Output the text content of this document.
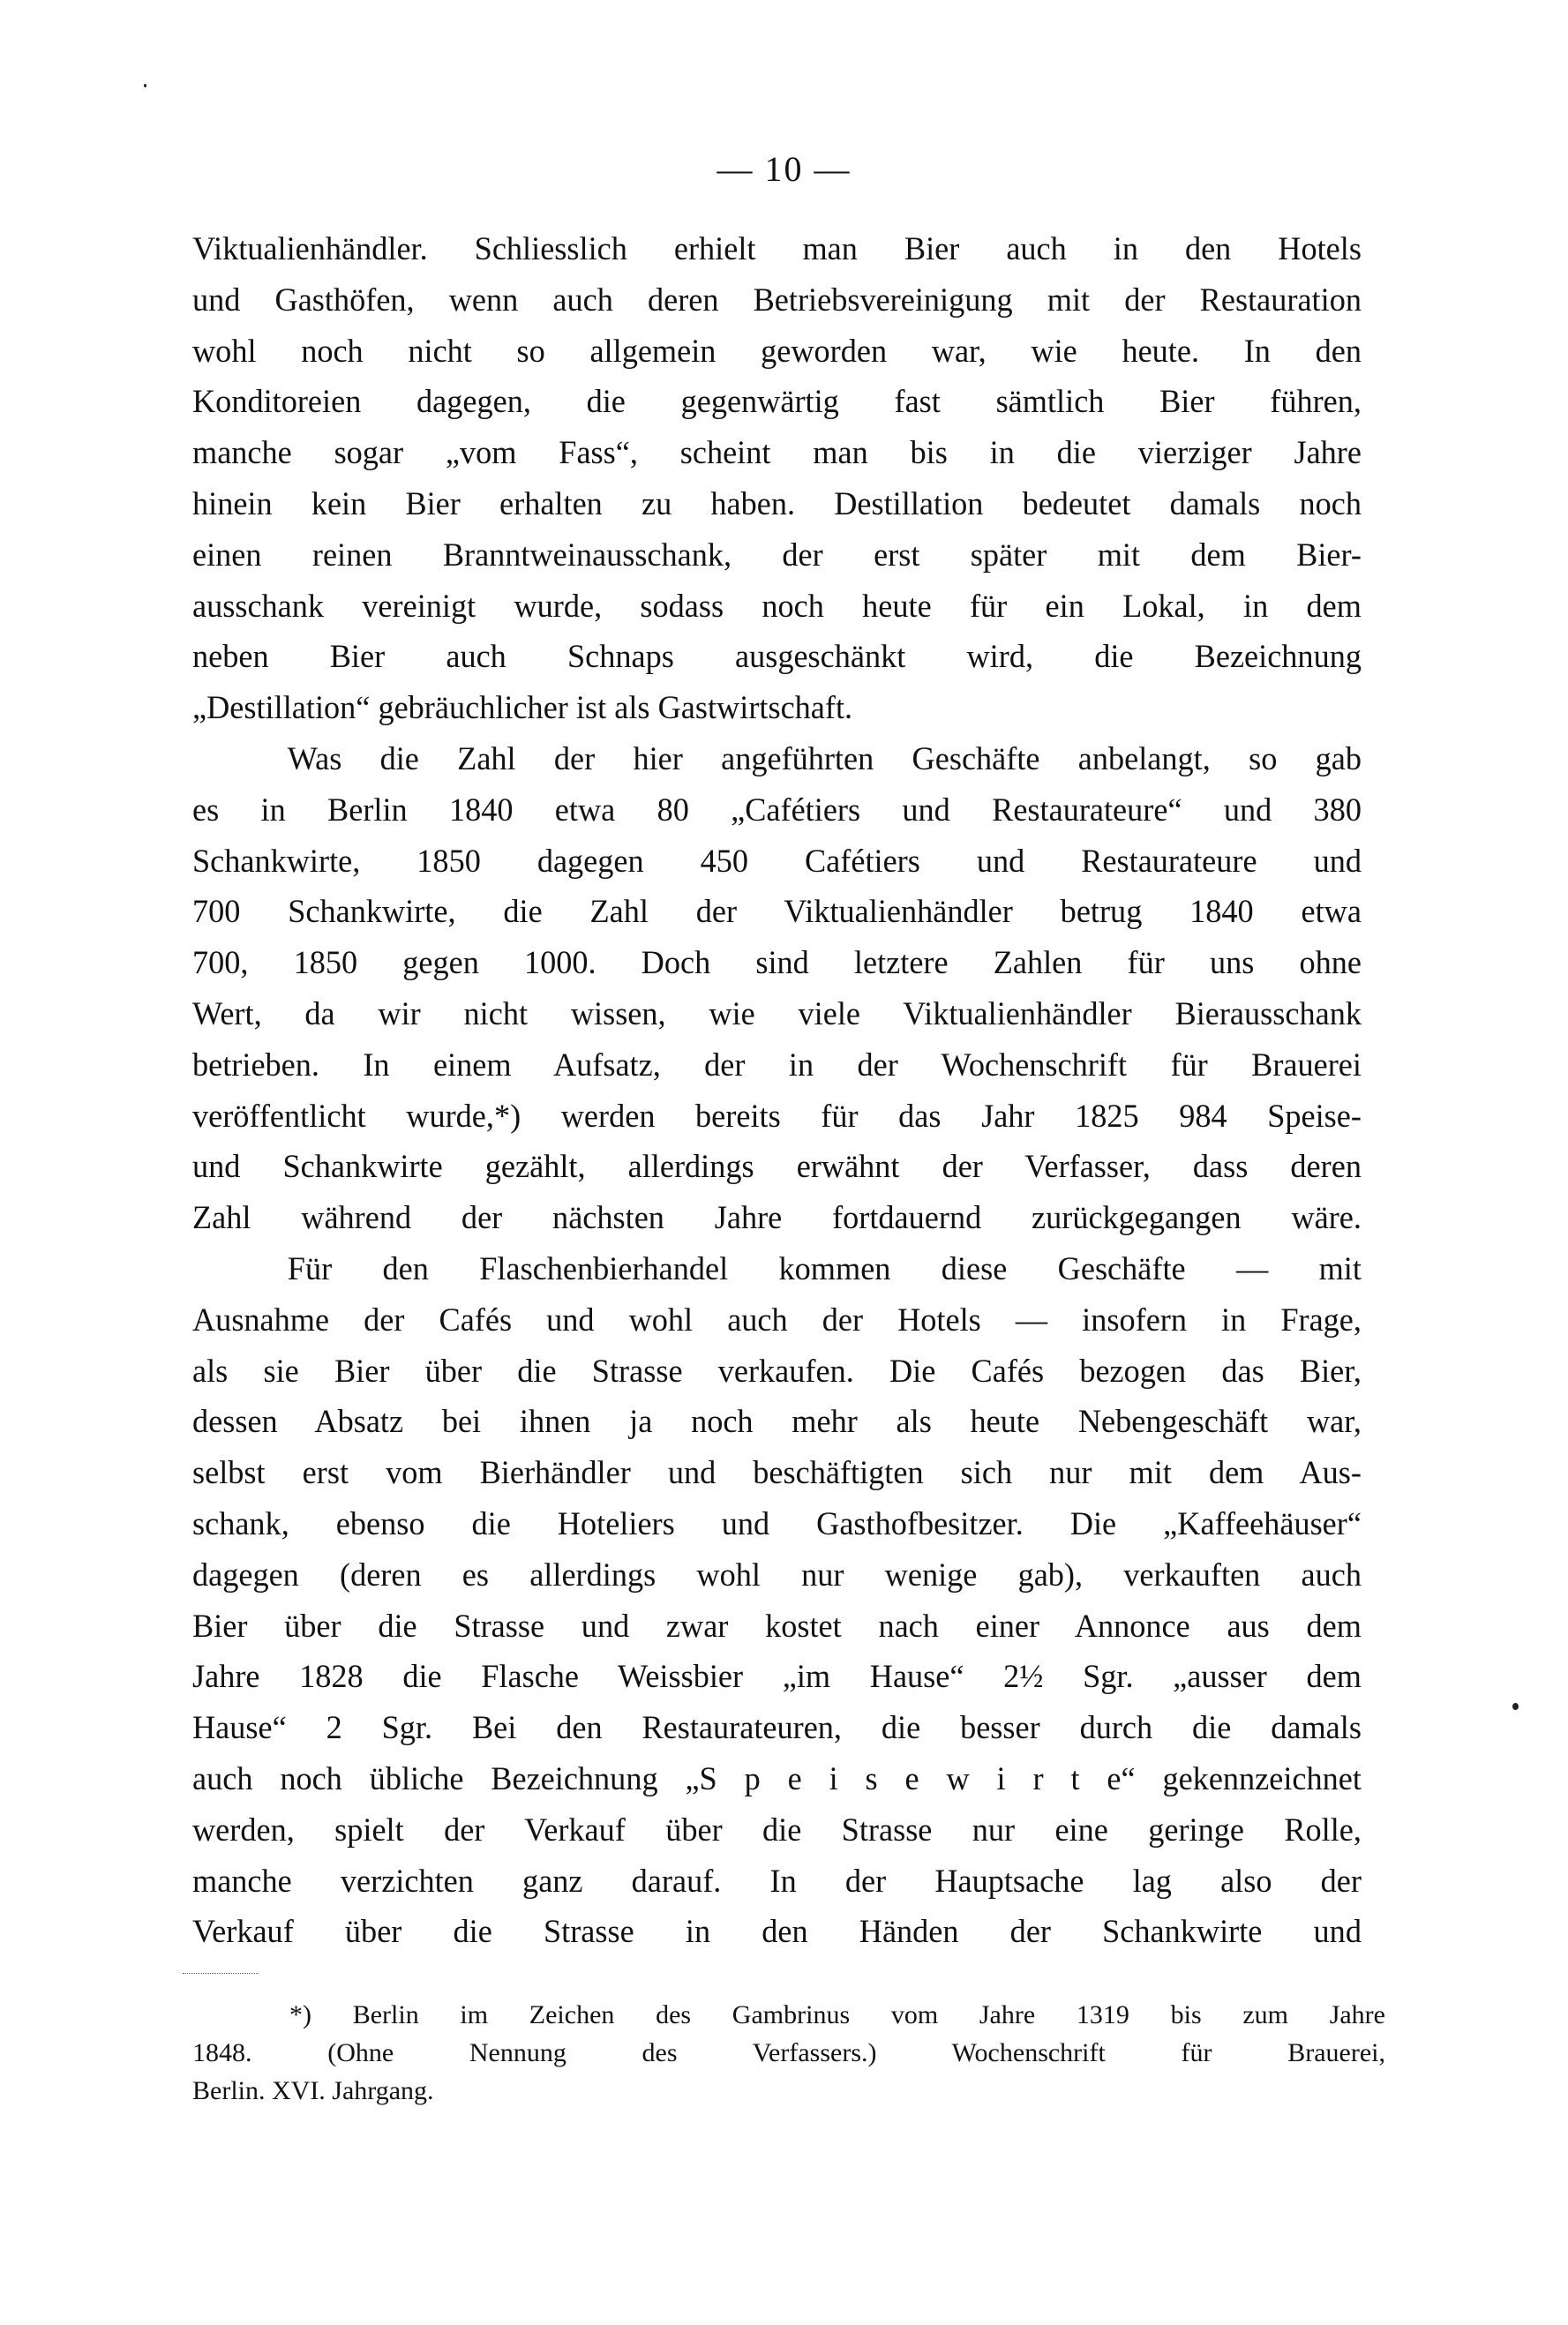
— 10 —
Viktualienhändler. Schliesslich erhielt man Bier auch in den Hotels
und Gasthöfen, wenn auch deren Betriebsvereinigung mit der Restauration
wohl noch nicht so allgemein geworden war, wie heute. In den
Konditoreien dagegen, die gegenwärtig fast sämtlich Bier führen,
manche sogar „vom Fass“, scheint man bis in die vierziger Jahre
hinein kein Bier erhalten zu haben. Destillation bedeutet damals noch
einen reinen Branntweinausschank, der erst später mit dem Bier-
ausschank vereinigt wurde, sodass noch heute für ein Lokal, in dem
neben Bier auch Schnaps ausgeschänkt wird, die Bezeichnung
„Destillation“ gebräuchlicher ist als Gastwirtschaft.
Was die Zahl der hier angeführten Geschäfte anbelangt, so gab
es in Berlin 1840 etwa 80 „Cafétiers und Restaurateure“ und 380
Schankwirte, 1850 dagegen 450 Cafétiers und Restaurateure und
700 Schankwirte, die Zahl der Viktualienhändler betrug 1840 etwa
700, 1850 gegen 1000. Doch sind letztere Zahlen für uns ohne
Wert, da wir nicht wissen, wie viele Viktualienhändler Bierausschank
betrieben. In einem Aufsatz, der in der Wochenschrift für Brauerei
veröffentlicht wurde,*) werden bereits für das Jahr 1825 984 Speise-
und Schankwirte gezählt, allerdings erwähnt der Verfasser, dass deren
Zahl während der nächsten Jahre fortdauernd zurückgegangen wäre.
Für den Flaschenbierhandel kommen diese Geschäfte — mit
Ausnahme der Cafés und wohl auch der Hotels — insofern in Frage,
als sie Bier über die Strasse verkaufen. Die Cafés bezogen das Bier,
dessen Absatz bei ihnen ja noch mehr als heute Nebengeschäft war,
selbst erst vom Bierhändler und beschäftigten sich nur mit dem Aus-
schank, ebenso die Hoteliers und Gasthofbesitzer. Die „Kaffeehäuser“
dagegen (deren es allerdings wohl nur wenige gab), verkauften auch
Bier über die Strasse und zwar kostet nach einer Annonce aus dem
Jahre 1828 die Flasche Weissbier „im Hause“ 2½ Sgr. „ausser dem
Hause“ 2 Sgr. Bei den Restaurateuren, die besser durch die damals
auch noch übliche Bezeichnung „S p e i s e w i r t e“ gekennzeichnet
werden, spielt der Verkauf über die Strasse nur eine geringe Rolle,
manche verzichten ganz darauf. In der Hauptsache lag also der
Verkauf über die Strasse in den Händen der Schankwirte und
*) Berlin im Zeichen des Gambrinus vom Jahre 1319 bis zum Jahre
1848. (Ohne Nennung des Verfassers.) Wochenschrift für Brauerei,
Berlin. XVI. Jahrgang.
